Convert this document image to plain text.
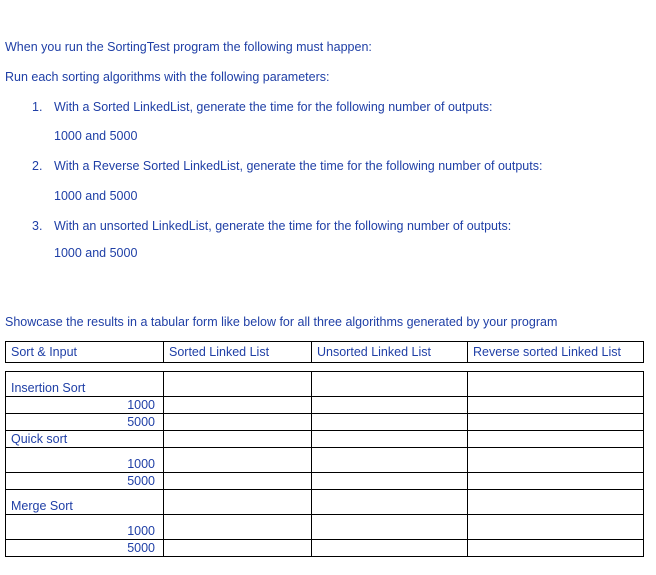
When you run the SortingTest program the following must happen:
Run each sorting algorithms with the following parameters:
1. With a Sorted LinkedList, generate the time for the following number of outputs:
1000 and 5000
2. With a Reverse Sorted LinkedList, generate the time for the following number of outputs:
1000 and 5000
3. With an unsorted LinkedList, generate the time for the following number of outputs:
1000 and 5000
Showcase the results in a tabular form like below for all three algorithms generated by your program
Sort & Input	Sorted Linked List	Unsorted Linked List	Reverse sorted Linked List

Insertion Sort			
1000			
5000			
Quick sort			
1000			
5000			
Merge Sort			
1000			
5000			
